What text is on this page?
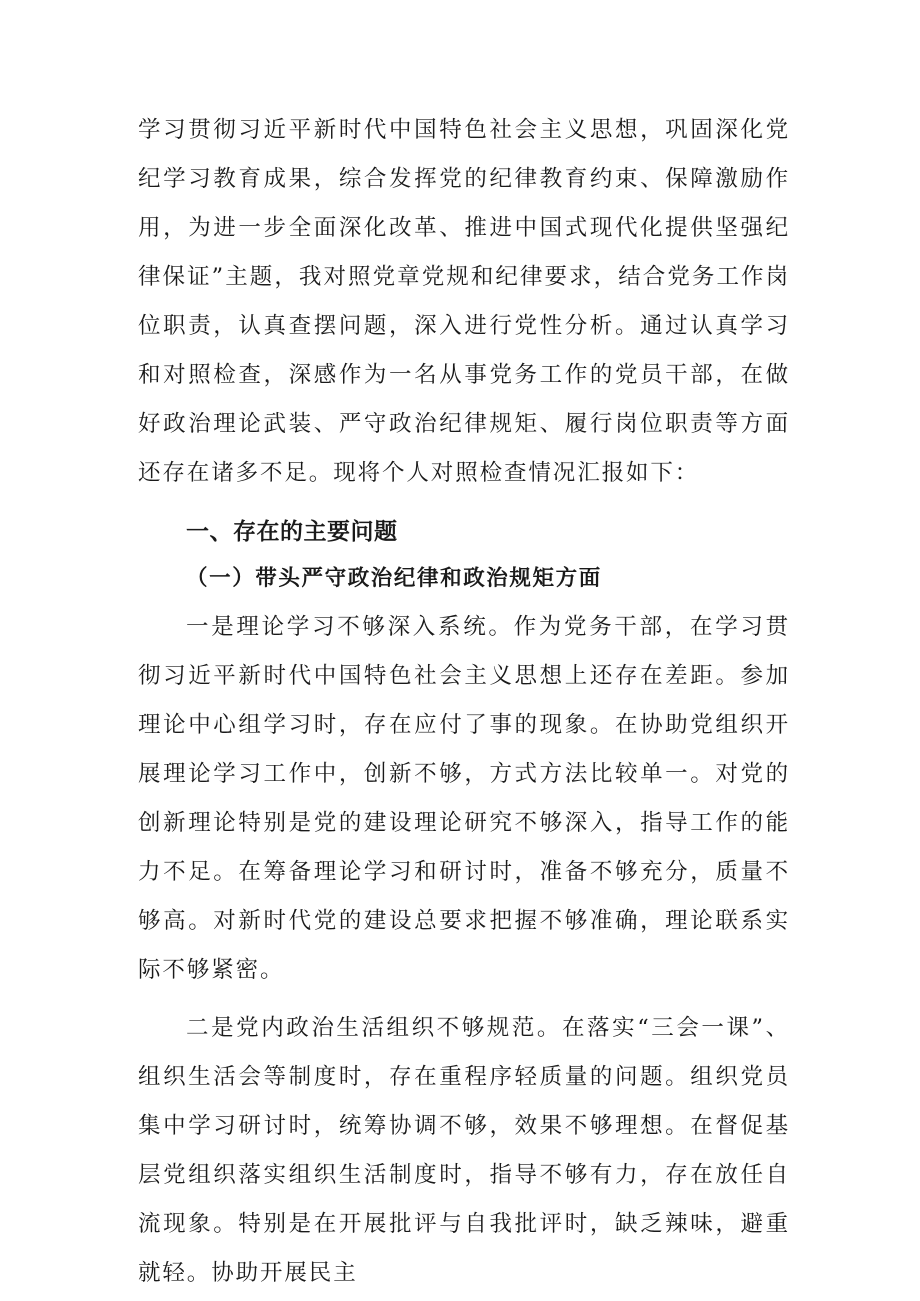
学习贯彻习近平新时代中国特色社会主义思想，巩固深化党纪学习教育成果，综合发挥党的纪律教育约束、保障激励作用，为进一步全面深化改革、推进中国式现代化提供坚强纪律保证”主题，我对照党章党规和纪律要求，结合党务工作岗位职责，认真查摆问题，深入进行党性分析。通过认真学习和对照检查，深感作为一名从事党务工作的党员干部，在做好政治理论武装、严守政治纪律规矩、履行岗位职责等方面还存在诸多不足。现将个人对照检查情况汇报如下：

一、存在的主要问题
（一）带头严守政治纪律和政治规矩方面

一是理论学习不够深入系统。作为党务干部，在学习贯彻习近平新时代中国特色社会主义思想上还存在差距。参加理论中心组学习时，存在应付了事的现象。在协助党组织开展理论学习工作中，创新不够，方式方法比较单一。对党的创新理论特别是党的建设理论研究不够深入，指导工作的能力不足。在筹备理论学习和研讨时，准备不够充分，质量不够高。对新时代党的建设总要求把握不够准确，理论联系实际不够紧密。

二是党内政治生活组织不够规范。在落实“三会一课”、组织生活会等制度时，存在重程序轻质量的问题。组织党员集中学习研讨时，统筹协调不够，效果不够理想。在督促基层党组织落实组织生活制度时，指导不够有力，存在放任自流现象。特别是在开展批评与自我批评时，缺乏辣味，避重就轻。协助开展民主
